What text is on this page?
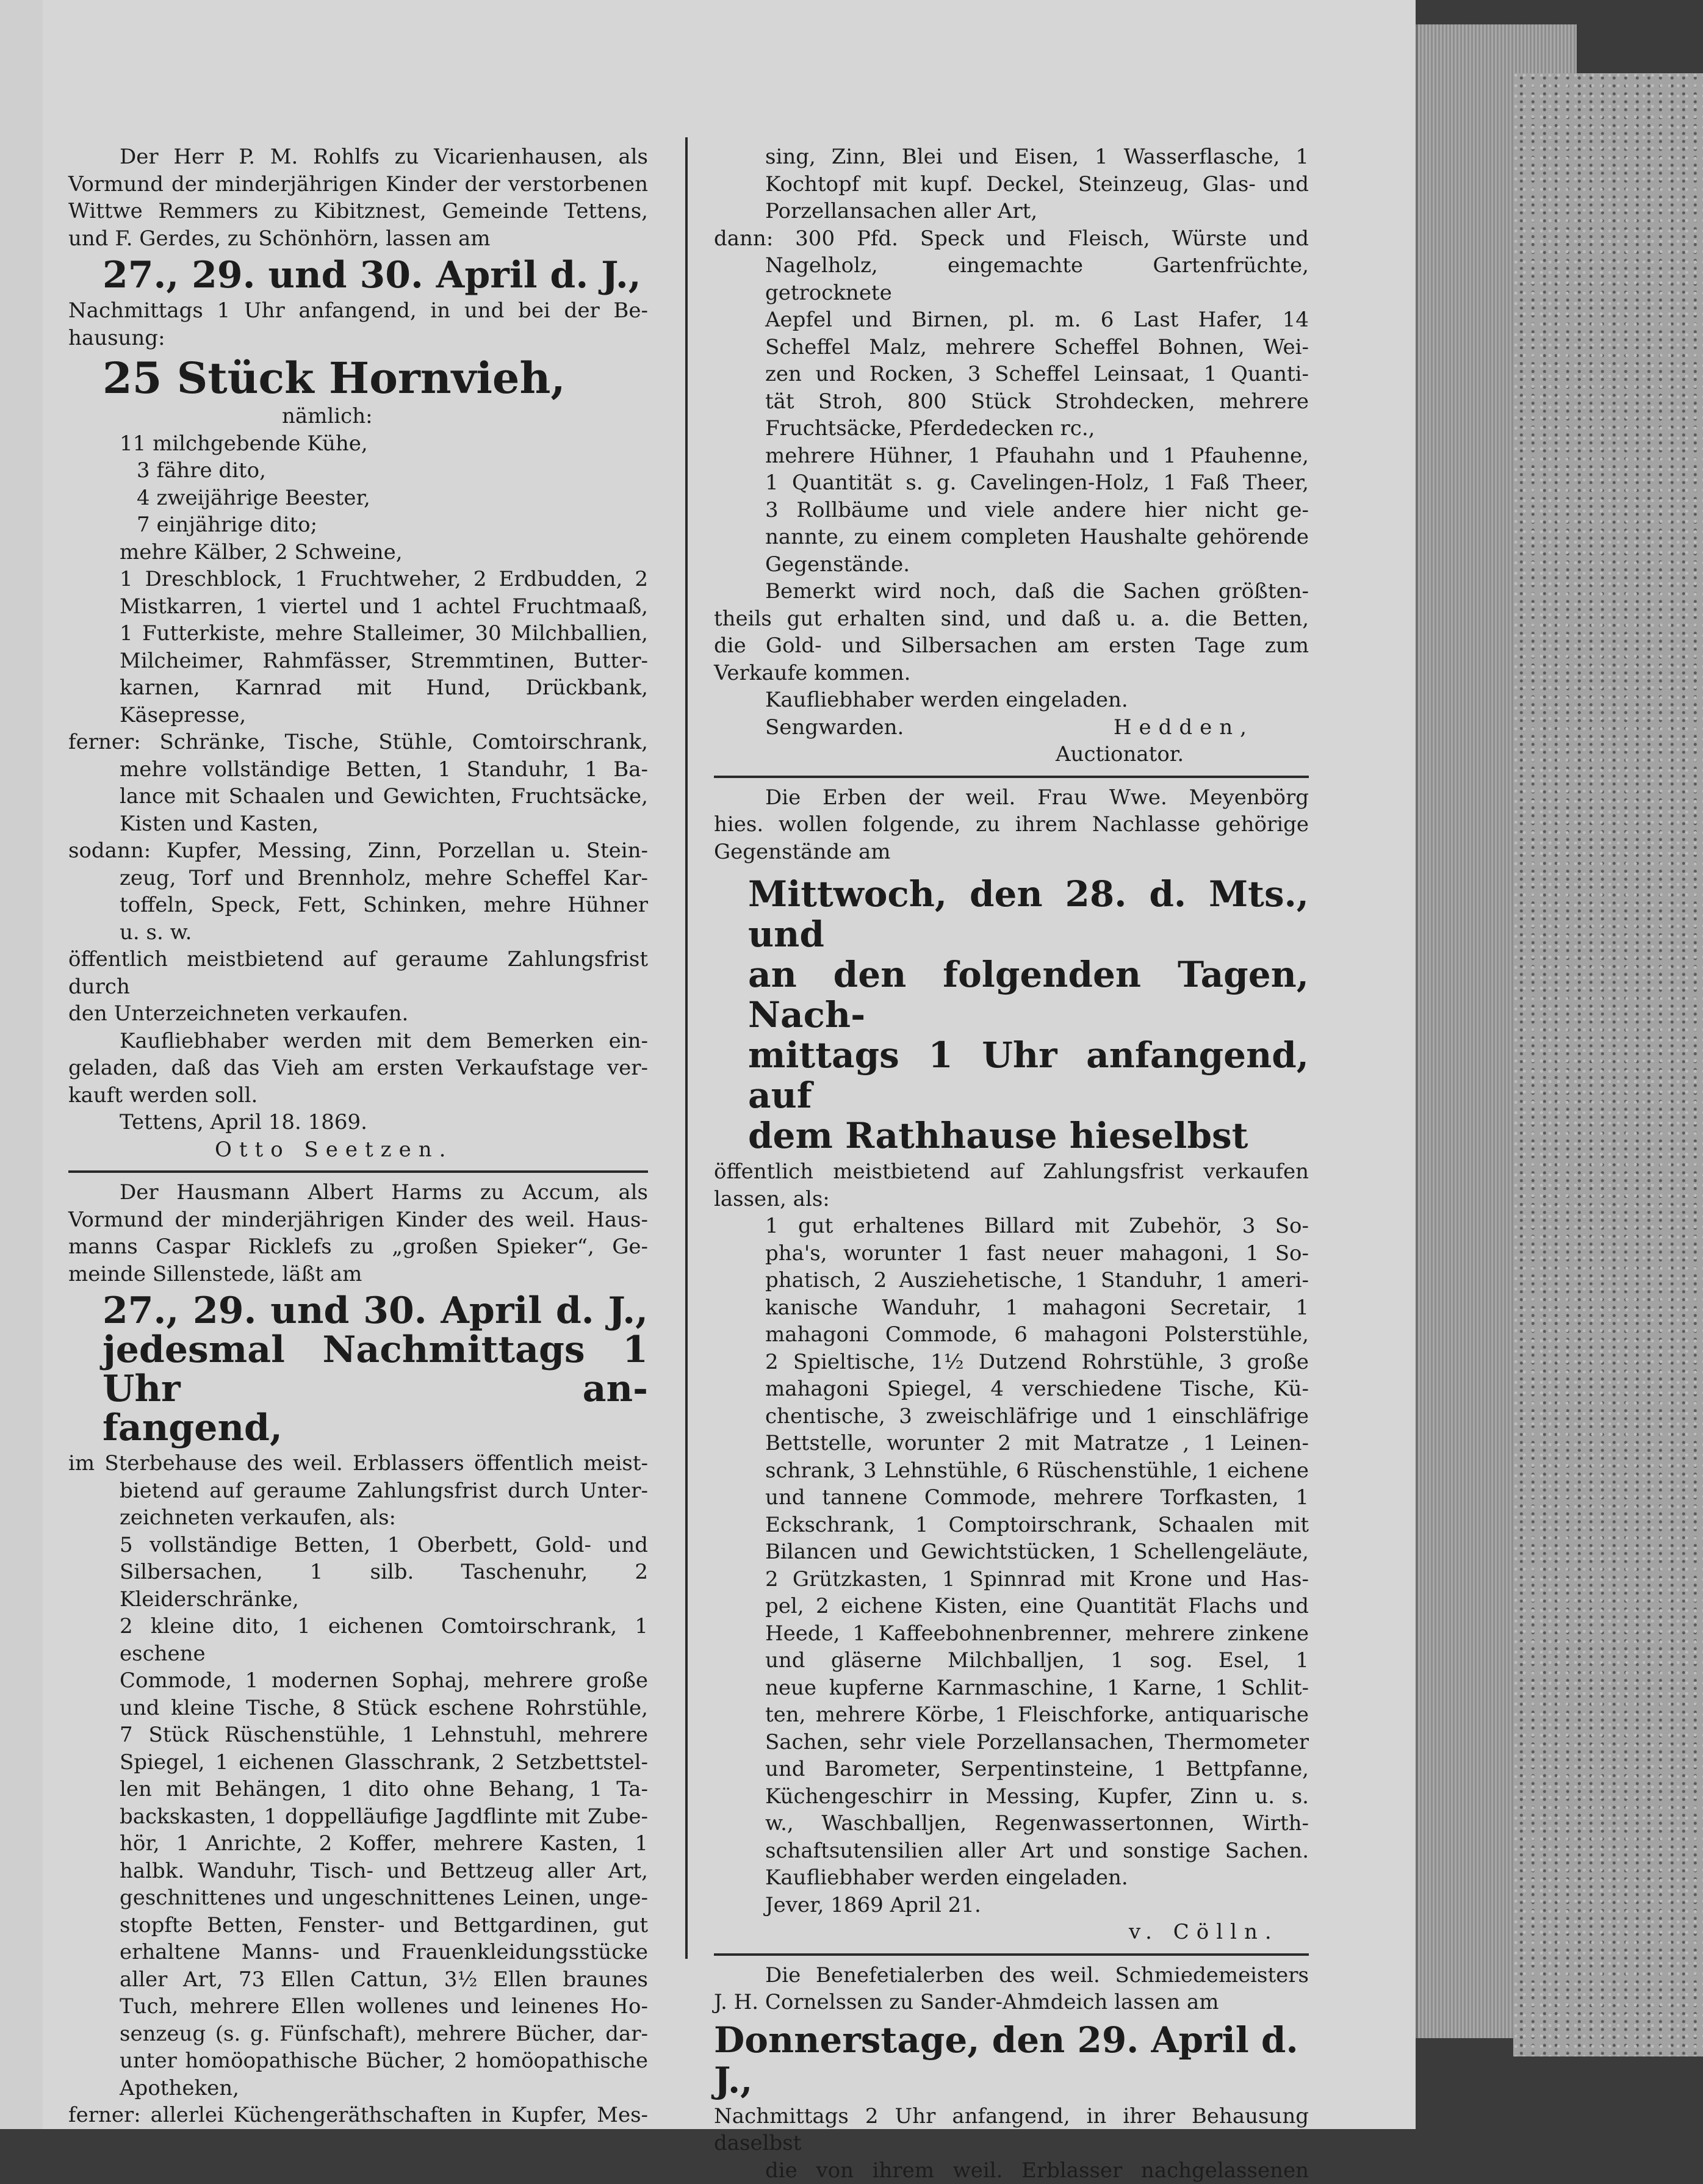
Der Herr P. M. Rohlfs zu Vicarienhausen, als

Vormund der minderjährigen Kinder der verstorbenen

Wittwe Remmers zu Kibitznest, Gemeinde Tettens,

und F. Gerdes, zu Schönhörn, lassen am

27., 29. und 30. April d. J.,

Nachmittags 1 Uhr anfangend, in und bei der Be-

hausung:

25 Stück Hornvieh,

nämlich:

11 milchgebende Kühe,

3 fähre dito,

4 zweijährige Beester,

7 einjährige dito;

mehre Kälber, 2 Schweine,

1 Dreschblock, 1 Fruchtweher, 2 Erdbudden, 2

Mistkarren, 1 viertel und 1 achtel Fruchtmaaß,

1 Futterkiste, mehre Stalleimer, 30 Milchballien,

Milcheimer, Rahmfässer, Stremmtinen, Butter-

karnen, Karnrad mit Hund, Drückbank, Käsepresse,

ferner: Schränke, Tische, Stühle, Comtoirschrank,

mehre vollständige Betten, 1 Standuhr, 1 Ba-

lance mit Schaalen und Gewichten, Fruchtsäcke,

Kisten und Kasten,

sodann: Kupfer, Messing, Zinn, Porzellan u. Stein-

zeug, Torf und Brennholz, mehre Scheffel Kar-

toffeln, Speck, Fett, Schinken, mehre Hühner

u. s. w.

öffentlich meistbietend auf geraume Zahlungsfrist durch

den Unterzeichneten verkaufen.

Kaufliebhaber werden mit dem Bemerken ein-

geladen, daß das Vieh am ersten Verkaufstage ver-

kauft werden soll.

Tettens, April 18. 1869.

Otto Seetzen.

Der Hausmann Albert Harms zu Accum, als

Vormund der minderjährigen Kinder des weil. Haus-

manns Caspar Ricklefs zu „großen Spieker“, Ge-

meinde Sillenstede, läßt am

27., 29. und 30. April d. J.,

jedesmal Nachmittags 1 Uhr an-

fangend,

im Sterbehause des weil. Erblassers öffentlich meist-

bietend auf geraume Zahlungsfrist durch Unter-

zeichneten verkaufen, als:

5 vollständige Betten, 1 Oberbett, Gold- und

Silbersachen, 1 silb. Taschenuhr, 2 Kleiderschränke,

2 kleine dito, 1 eichenen Comtoirschrank, 1 eschene

Commode, 1 modernen Sophaj, mehrere große

und kleine Tische, 8 Stück eschene Rohrstühle,

7 Stück Rüschenstühle, 1 Lehnstuhl, mehrere

Spiegel, 1 eichenen Glasschrank, 2 Setzbettstel-

len mit Behängen, 1 dito ohne Behang, 1 Ta-

backskasten, 1 doppelläufige Jagdflinte mit Zube-

hör, 1 Anrichte, 2 Koffer, mehrere Kasten, 1

halbk. Wanduhr, Tisch- und Bettzeug aller Art,

geschnittenes und ungeschnittenes Leinen, unge-

stopfte Betten, Fenster- und Bettgardinen, gut

erhaltene Manns- und Frauenkleidungsstücke

aller Art, 73 Ellen Cattun, 3½ Ellen braunes

Tuch, mehrere Ellen wollenes und leinenes Ho-

senzeug (s. g. Fünfschaft), mehrere Bücher, dar-

unter homöopathische Bücher, 2 homöopathische

Apotheken,

ferner: allerlei Küchengeräthschaften in Kupfer, Mes-

sing, Zinn, Blei und Eisen, 1 Wasserflasche, 1

Kochtopf mit kupf. Deckel, Steinzeug, Glas- und

Porzellansachen aller Art,

dann: 300 Pfd. Speck und Fleisch, Würste und

Nagelholz, eingemachte Gartenfrüchte, getrocknete

Aepfel und Birnen, pl. m. 6 Last Hafer, 14

Scheffel Malz, mehrere Scheffel Bohnen, Wei-

zen und Rocken, 3 Scheffel Leinsaat, 1 Quanti-

tät Stroh, 800 Stück Strohdecken, mehrere

Fruchtsäcke, Pferdedecken rc.,

mehrere Hühner, 1 Pfauhahn und 1 Pfauhenne,

1 Quantität s. g. Cavelingen-Holz, 1 Faß Theer,

3 Rollbäume und viele andere hier nicht ge-

nannte, zu einem completen Haushalte gehörende

Gegenstände.

Bemerkt wird noch, daß die Sachen größten-

theils gut erhalten sind, und daß u. a. die Betten,

die Gold- und Silbersachen am ersten Tage zum

Verkaufe kommen.

Kaufliebhaber werden eingeladen.

Sengwarden.	Hedden,

Auctionator.

Die Erben der weil. Frau Wwe. Meyenbörg

hies. wollen folgende, zu ihrem Nachlasse gehörige

Gegenstände am

Mittwoch, den 28. d. Mts., und

an den folgenden Tagen, Nach-

mittags 1 Uhr anfangend, auf

dem Rathhause hieselbst

öffentlich meistbietend auf Zahlungsfrist verkaufen

lassen, als:

1 gut erhaltenes Billard mit Zubehör, 3 So-

pha's, worunter 1 fast neuer mahagoni, 1 So-

phatisch, 2 Ausziehetische, 1 Standuhr, 1 ameri-

kanische Wanduhr, 1 mahagoni Secretair, 1

mahagoni Commode, 6 mahagoni Polsterstühle,

2 Spieltische, 1½ Dutzend Rohrstühle, 3 große

mahagoni Spiegel, 4 verschiedene Tische, Kü-

chentische, 3 zweischläfrige und 1 einschläfrige

Bettstelle, worunter 2 mit Matratze , 1 Leinen-

schrank, 3 Lehnstühle, 6 Rüschenstühle, 1 eichene

und tannene Commode, mehrere Torfkasten, 1

Eckschrank, 1 Comptoirschrank, Schaalen mit

Bilancen und Gewichtstücken, 1 Schellengeläute,

2 Grützkasten, 1 Spinnrad mit Krone und Has-

pel, 2 eichene Kisten, eine Quantität Flachs und

Heede, 1 Kaffeebohnenbrenner, mehrere zinkene

und gläserne Milchballjen, 1 sog. Esel, 1

neue kupferne Karnmaschine, 1 Karne, 1 Schlit-

ten, mehrere Körbe, 1 Fleischforke, antiquarische

Sachen, sehr viele Porzellansachen, Thermometer

und Barometer, Serpentinsteine, 1 Bettpfanne,

Küchengeschirr in Messing, Kupfer, Zinn u. s.

w., Waschballjen, Regenwassertonnen, Wirth-

schaftsutensilien aller Art und sonstige Sachen.

Kaufliebhaber werden eingeladen.

Jever, 1869 April 21.

v. Cölln.

Die Benefetialerben des weil. Schmiedemeisters

J. H. Cornelssen zu Sander-Ahmdeich lassen am

Donnerstage, den 29. April d. J.,

Nachmittags 2 Uhr anfangend, in ihrer Behausung

daselbst

die von ihrem weil. Erblasser nachgelassenen
